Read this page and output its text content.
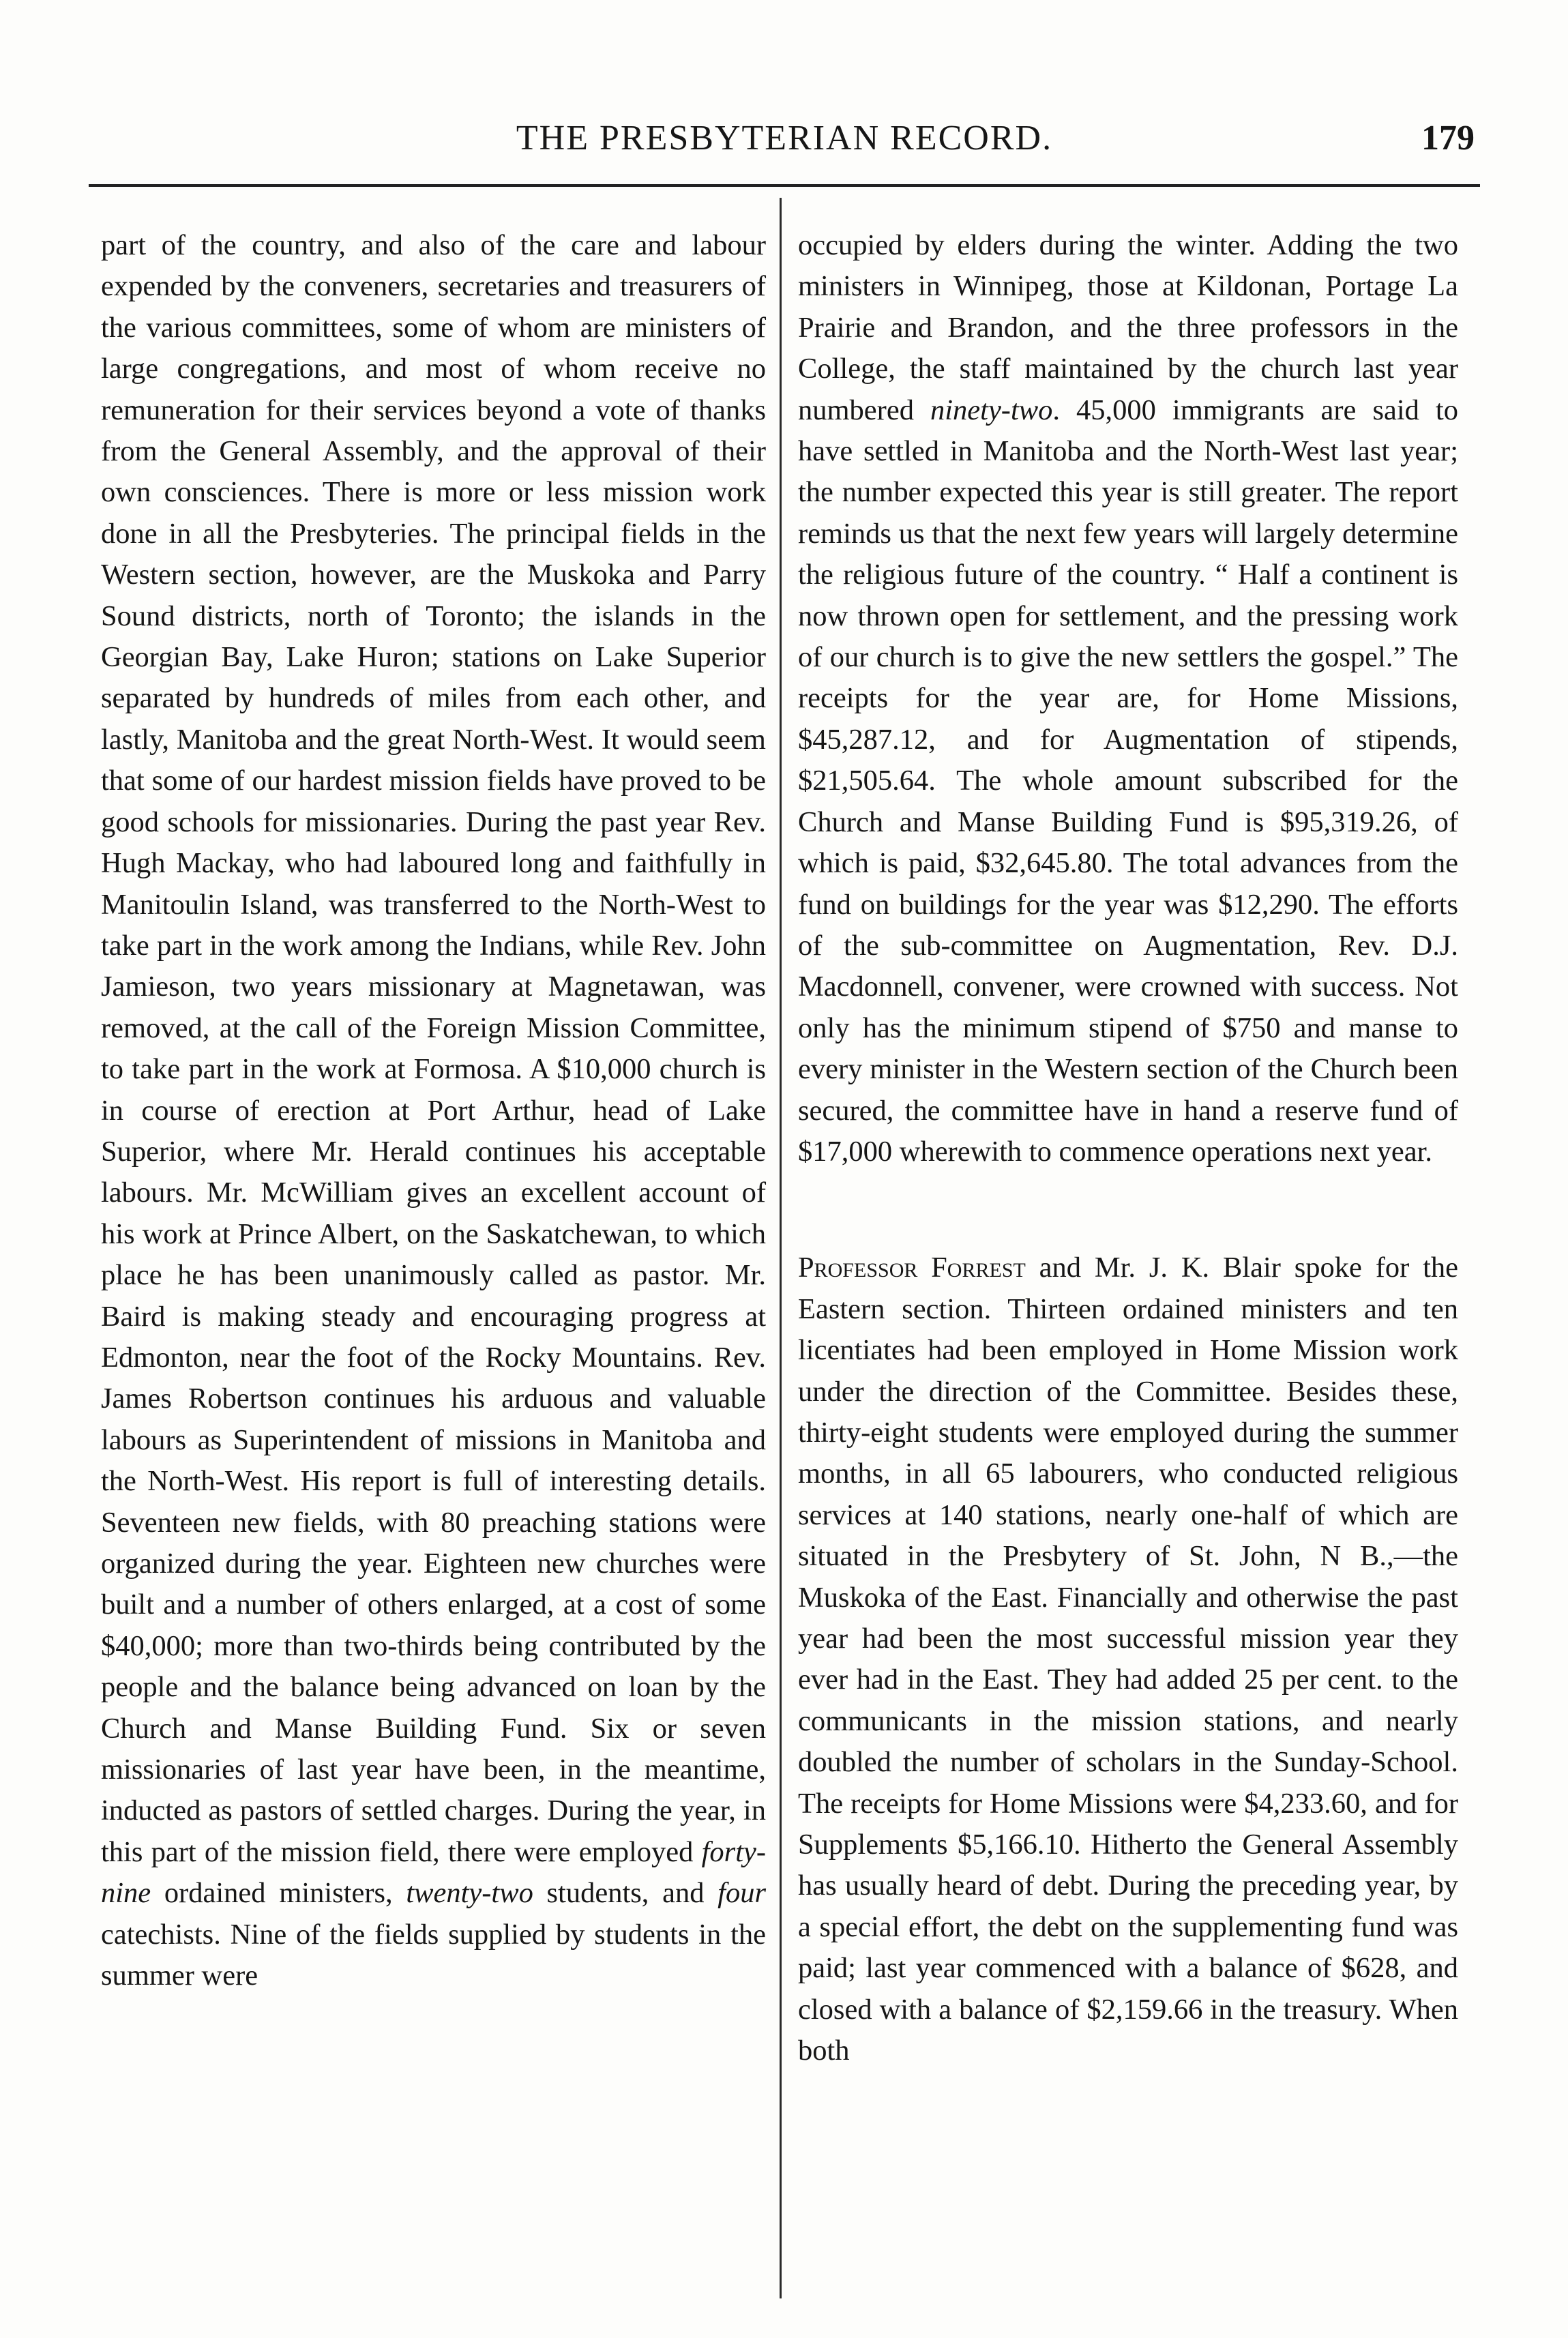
THE PRESBYTERIAN RECORD.	179

part of the country, and also of the care and labour expended by the conveners, secretaries and treasurers of the various committees, some of whom are ministers of large congregations, and most of whom receive no remuneration for their services beyond a vote of thanks from the General Assembly, and the approval of their own consciences. There is more or less mission work done in all the Presbyteries. The principal fields in the Western section, however, are the Muskoka and Parry Sound districts, north of Toronto; the islands in the Georgian Bay, Lake Huron; stations on Lake Superior separated by hundreds of miles from each other, and lastly, Manitoba and the great North-West. It would seem that some of our hardest mission fields have proved to be good schools for missionaries. During the past year Rev. Hugh Mackay, who had laboured long and faithfully in Manitoulin Island, was transferred to the North-West to take part in the work among the Indians, while Rev. John Jamieson, two years missionary at Magnetawan, was removed, at the call of the Foreign Mission Committee, to take part in the work at Formosa. A $10,000 church is in course of erection at Port Arthur, head of Lake Superior, where Mr. Herald continues his acceptable labours. Mr. McWilliam gives an excellent account of his work at Prince Albert, on the Saskatchewan, to which place he has been unanimously called as pastor. Mr. Baird is making steady and encouraging progress at Edmonton, near the foot of the Rocky Mountains. Rev. James Robertson continues his arduous and valuable labours as Superintendent of missions in Manitoba and the North-West. His report is full of interesting details. Seventeen new fields, with 80 preaching stations were organized during the year. Eighteen new churches were built and a number of others enlarged, at a cost of some $40,000; more than two-thirds being contributed by the people and the balance being advanced on loan by the Church and Manse Building Fund. Six or seven missionaries of last year have been, in the meantime, inducted as pastors of settled charges. During the year, in this part of the mission field, there were employed forty-nine ordained ministers, twenty-two students, and four catechists. Nine of the fields supplied by students in the summer were

occupied by elders during the winter. Adding the two ministers in Winnipeg, those at Kildonan, Portage La Prairie and Brandon, and the three professors in the College, the staff maintained by the church last year numbered ninety-two. 45,000 immigrants are said to have settled in Manitoba and the North-West last year; the number expected this year is still greater. The report reminds us that the next few years will largely determine the religious future of the country. “ Half a continent is now thrown open for settlement, and the pressing work of our church is to give the new settlers the gospel.” The receipts for the year are, for Home Missions, $45,287.12, and for Augmentation of stipends, $21,505.64. The whole amount subscribed for the Church and Manse Building Fund is $95,319.26, of which is paid, $32,645.80. The total advances from the fund on buildings for the year was $12,290. The efforts of the sub-committee on Augmentation, Rev. D.J. Macdonnell, convener, were crowned with success. Not only has the minimum stipend of $750 and manse to every minister in the Western section of the Church been secured, the committee have in hand a reserve fund of $17,000 wherewith to commence operations next year.

Professor Forrest and Mr. J. K. Blair spoke for the Eastern section. Thirteen ordained ministers and ten licentiates had been employed in Home Mission work under the direction of the Committee. Besides these, thirty-eight students were employed during the summer months, in all 65 labourers, who conducted religious services at 140 stations, nearly one-half of which are situated in the Presbytery of St. John, N B.,—the Muskoka of the East. Financially and otherwise the past year had been the most successful mission year they ever had in the East. They had added 25 per cent. to the communicants in the mission stations, and nearly doubled the number of scholars in the Sunday-School. The receipts for Home Missions were $4,233.60, and for Supplements $5,166.10. Hitherto the General Assembly has usually heard of debt. During the preceding year, by a special effort, the debt on the supplementing fund was paid; last year commenced with a balance of $628, and closed with a balance of $2,159.66 in the treasury. When both
